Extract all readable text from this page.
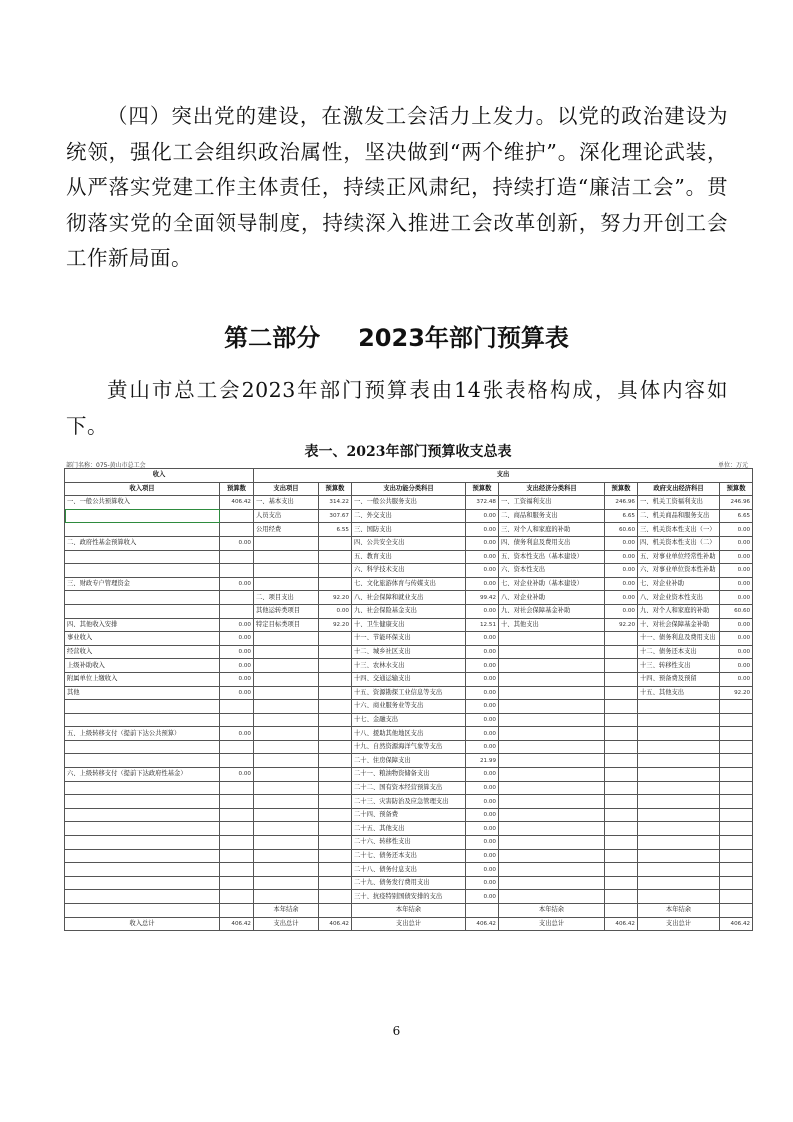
（四）突出党的建设，在激发工会活力上发力。以党的政治建设为统领，强化工会组织政治属性，坚决做到“两个维护”。深化理论武装，从严落实党建工作主体责任，持续正风肃纪，持续打造“廉洁工会”。贯彻落实党的全面领导制度，持续深入推进工会改革创新，努力开创工会工作新局面。

第二部分 2023年部门预算表

黄山市总工会2023年部门预算表由14张表格构成，具体内容如下。

表一、2023年部门预算收支总表
部门名称：075-黄山市总工会	单位：万元
收入		支出							
收入项目	预算数	支出项目	预算数	支出功能分类科目	预算数	支出经济分类科目	预算数	政府支出经济科目	预算数
一、一般公共预算收入	406.42	一、基本支出	314.22	一、一般公共服务支出	372.48	一、工资福利支出	246.96	一、机关工资福利支出	246.96
		人员支出	307.67	二、外交支出	0.00	二、商品和服务支出	6.65	二、机关商品和服务支出	6.65
		公用经费	6.55	三、国防支出	0.00	三、对个人和家庭的补助	60.60	三、机关资本性支出（一）	0.00
二、政府性基金预算收入	0.00			四、公共安全支出	0.00	四、债务利息及费用支出	0.00	四、机关资本性支出（二）	0.00
				五、教育支出	0.00	五、资本性支出（基本建设）	0.00	五、对事业单位经常性补助	0.00
				六、科学技术支出	0.00	六、资本性支出	0.00	六、对事业单位资本性补助	0.00
三、财政专户管理资金	0.00			七、文化旅游体育与传媒支出	0.00	七、对企业补助（基本建设）	0.00	七、对企业补助	0.00
		二、项目支出	92.20	八、社会保障和就业支出	99.42	八、对企业补助	0.00	八、对企业资本性支出	0.00
		其他运转类项目	0.00	九、社会保险基金支出	0.00	九、对社会保障基金补助	0.00	九、对个人和家庭的补助	60.60
四、其他收入安排	0.00	特定目标类项目	92.20	十、卫生健康支出	12.51	十、其他支出	92.20	十、对社会保障基金补助	0.00
事业收入	0.00			十一、节能环保支出	0.00			十一、债务利息及费用支出	0.00
经营收入	0.00			十二、城乡社区支出	0.00			十二、债务还本支出	0.00
上级补助收入	0.00			十三、农林水支出	0.00			十三、转移性支出	0.00
附属单位上缴收入	0.00			十四、交通运输支出	0.00			十四、预备费及预留	0.00
其他	0.00			十五、资源勘探工业信息等支出	0.00			十五、其他支出	92.20
				十六、商业服务业等支出	0.00				
				十七、金融支出	0.00				
五、上级转移支付（提前下达公共预算）	0.00			十八、援助其他地区支出	0.00				
				十九、自然资源海洋气象等支出	0.00				
				二十、住房保障支出	21.99				
六、上级转移支付（提前下达政府性基金）	0.00			二十一、粮油物资储备支出	0.00				
				二十二、国有资本经营预算支出	0.00				
				二十三、灾害防治及应急管理支出	0.00				
				二十四、预备费	0.00				
				二十五、其他支出	0.00				
				二十六、转移性支出	0.00				
				二十七、债务还本支出	0.00				
				二十八、债务付息支出	0.00				
				二十九、债务发行费用支出	0.00				
				三十、抗疫特别国债安排的支出	0.00				
		本年结余		本年结余		本年结余		本年结余	
收入总计	406.42	支出总计	406.42	支出总计	406.42	支出总计	406.42	支出总计	406.42
6
